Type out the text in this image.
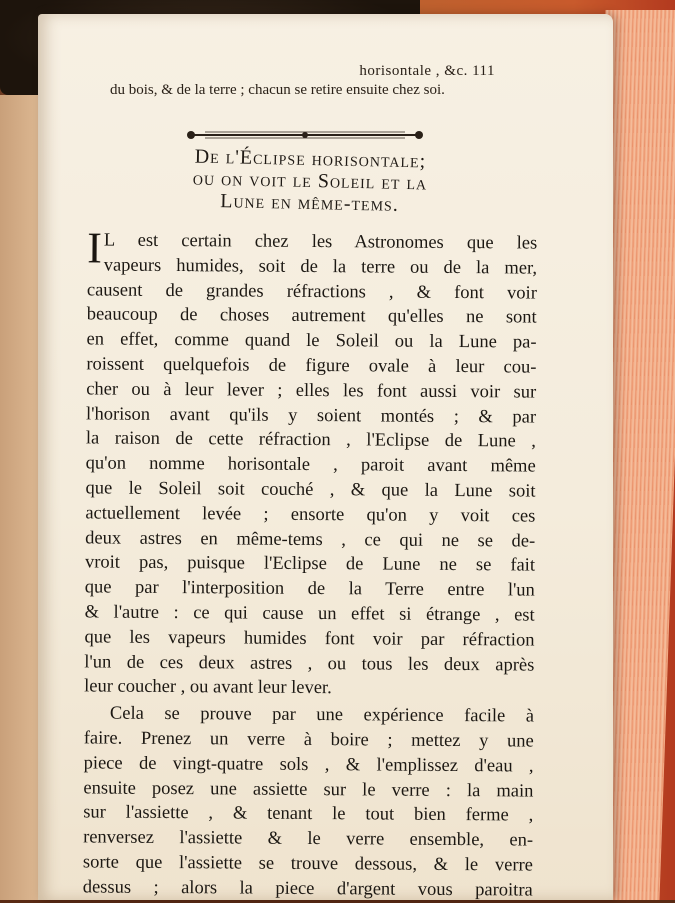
horisontale , &c. 111
du bois, & de la terre ; chacun se retire ensuite chez soi.
De l'Éclipse horisontale;
ou on voit le Soleil et la
Lune en même-tems.
I L est certain chez les Astronomes que les
vapeurs humides, soit de la terre ou de la mer,
causent de grandes réfractions , & font voir
beaucoup de choses autrement qu'elles ne sont
en effet, comme quand le Soleil ou la Lune pa-
roissent quelquefois de figure ovale à leur cou-
cher ou à leur lever ; elles les font aussi voir sur
l'horison avant qu'ils y soient montés ; & par
la raison de cette réfraction , l'Eclipse de Lune ,
qu'on nomme horisontale , paroit avant même
que le Soleil soit couché , & que la Lune soit
actuellement levée ; ensorte qu'on y voit ces
deux astres en même-tems , ce qui ne se de-
vroit pas, puisque l'Eclipse de Lune ne se fait
que par l'interposition de la Terre entre l'un
& l'autre : ce qui cause un effet si étrange , est
que les vapeurs humides font voir par réfraction
l'un de ces deux astres , ou tous les deux après
leur coucher , ou avant leur lever.
Cela se prouve par une expérience facile à
faire. Prenez un verre à boire ; mettez y une
piece de vingt-quatre sols , & l'emplissez d'eau ,
ensuite posez une assiette sur le verre : la main
sur l'assiette , & tenant le tout bien ferme ,
renversez l'assiette & le verre ensemble, en-
sorte que l'assiette se trouve dessous, & le verre
dessus ; alors la piece d'argent vous paroitra
